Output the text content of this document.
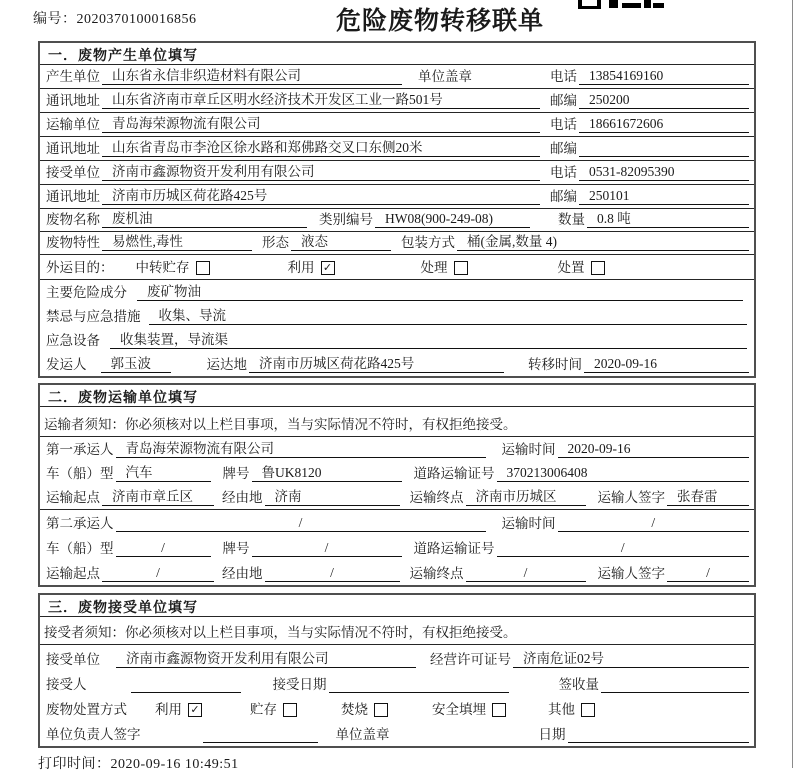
编号：2020370100016856	危险废物转移联单
一．废物产生单位填写
产生单位 山东省永信非织造材料有限公司	单位盖章	电话 13854169160
通讯地址 山东省济南市章丘区明水经济技术开发区工业一路501号	邮编 250200
运输单位 青岛海荣源物流有限公司	电话 18661672606
通讯地址 山东省青岛市李沧区徐水路和郑佛路交叉口东侧20米	邮编
接受单位 济南市鑫源物资开发利用有限公司	电话 0531-82095390
通讯地址 济南市历城区荷花路425号	邮编 250101
废物名称 废机油	类别编号 HW08(900-249-08)	数量 0.8 吨
废物特性 易燃性,毒性	形态 液态	包装方式 桶(金属,数量 4)
外运目的： 中转贮存	利用 ✓	处理	处置
主要危险成分	废矿物油
禁忌与应急措施	收集、导流
应急设备	收集装置，导流渠
发运人	郭玉波	运达地 济南市历城区荷花路425号	转移时间 2020-09-16
二．废物运输单位填写
运输者须知：你必须核对以上栏目事项，当与实际情况不符时，有权拒绝接受。
第一承运人 青岛海荣源物流有限公司	运输时间 2020-09-16
车（船）型 汽车	牌号 鲁UK8120	道路运输证号 370213006408
运输起点 济南市章丘区	经由地 济南	运输终点 济南市历城区	运输人签字 张春雷
第二承运人	/	运输时间	/
车（船）型	/	牌号	/	道路运输证号	/
运输起点	/	经由地	/	运输终点	/	运输人签字	/
三．废物接受单位填写
接受者须知：你必须核对以上栏目事项，当与实际情况不符时，有权拒绝接受。
接受单位	济南市鑫源物资开发利用有限公司	经营许可证号 济南危证02号
接受人	接受日期	签收量
废物处置方式 利用 ✓	贮存	焚烧	安全填埋	其他
单位负责人签字	单位盖章	日期
打印时间：2020-09-16 10:49:51
